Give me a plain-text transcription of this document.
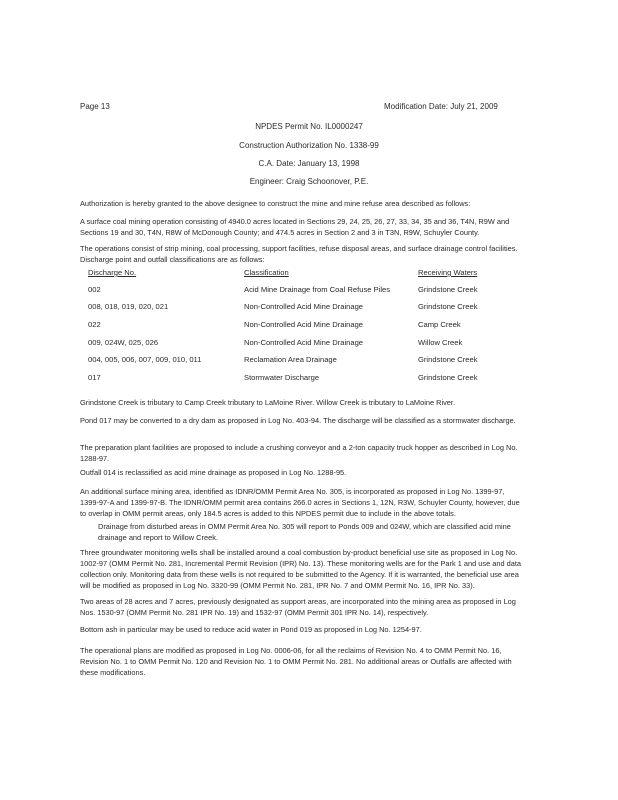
Page 13	Modification Date: July 21, 2009
NPDES Permit No. IL0000247
Construction Authorization No. 1338-99
C.A. Date: January 13, 1998
Engineer: Craig Schoonover, P.E.

Authorization is hereby granted to the above designee to construct the mine and mine refuse area described as follows:

A surface coal mining operation consisting of 4940.0 acres located in Sections 29, 24, 25, 26, 27, 33, 34, 35 and 36, T4N, R9W and Sections 19 and 30, T4N, R8W of McDonough County; and 474.5 acres in Section 2 and 3 in T3N, R9W, Schuyler County.

The operations consist of strip mining, coal processing, support facilities, refuse disposal areas, and surface drainage control facilities. Discharge point and outfall classifications are as follows:

Discharge No.	Classification	Receiving Waters
002	Acid Mine Drainage from Coal Refuse Piles	Grindstone Creek
008, 018, 019, 020, 021	Non-Controlled Acid Mine Drainage	Grindstone Creek
022	Non-Controlled Acid Mine Drainage	Camp Creek
009, 024W, 025, 026	Non-Controlled Acid Mine Drainage	Willow Creek
004, 005, 006, 007, 009, 010, 011	Reclamation Area Drainage	Grindstone Creek
017	Stormwater Discharge	Grindstone Creek

Grindstone Creek is tributary to Camp Creek tributary to LaMoine River. Willow Creek is tributary to LaMoine River.

Pond 017 may be converted to a dry dam as proposed in Log No. 403-94. The discharge will be classified as a stormwater discharge.

The preparation plant facilities are proposed to include a crushing conveyor and a 2-ton capacity truck hopper as described in Log No. 1288-97.

Outfall 014 is reclassified as acid mine drainage as proposed in Log No. 1288-95.

An additional surface mining area, identified as IDNR/OMM Permit Area No. 305, is incorporated as proposed in Log No. 1399-97, 1399-97-A and 1399-97-B. The IDNR/OMM permit area contains 266.0 acres in Sections 1, 12N, R3W, Schuyler County, however, due to overlap in OMM permit areas, only 184.5 acres is added to this NPDES permit due to include in the above totals.

Drainage from disturbed areas in OMM Permit Area No. 305 will report to Ponds 009 and 024W, which are classified acid mine drainage and report to Willow Creek.

Three groundwater monitoring wells shall be installed around a coal combustion by-product beneficial use site as proposed in Log No. 1002-97 (OMM Permit No. 281, Incremental Permit Revision (IPR) No. 13). These monitoring wells are for the Park 1 and use and data collection only. Monitoring data from these wells is not required to be submitted to the Agency. If it is warranted, the beneficial use area will be modified as proposed in Log No. 3320-99 (OMM Permit No. 281, IPR No. 7 and OMM Permit No. 16, IPR No. 33).

Two areas of 28 acres and 7 acres, previously designated as support areas, are incorporated into the mining area as proposed in Log Nos. 1530-97 (OMM Permit No. 281 IPR No. 19) and 1532-97 (OMM Permit 301 IPR No. 14), respectively.

Bottom ash in particular may be used to reduce acid water in Pond 019 as proposed in Log No. 1254-97.

The operational plans are modified as proposed in Log No. 0006-06, for all the reclaims of Revision No. 4 to OMM Permit No. 16, Revision No. 1 to OMM Permit No. 120 and Revision No. 1 to OMM Permit No. 281. No additional areas or Outfalls are affected with these modifications.
